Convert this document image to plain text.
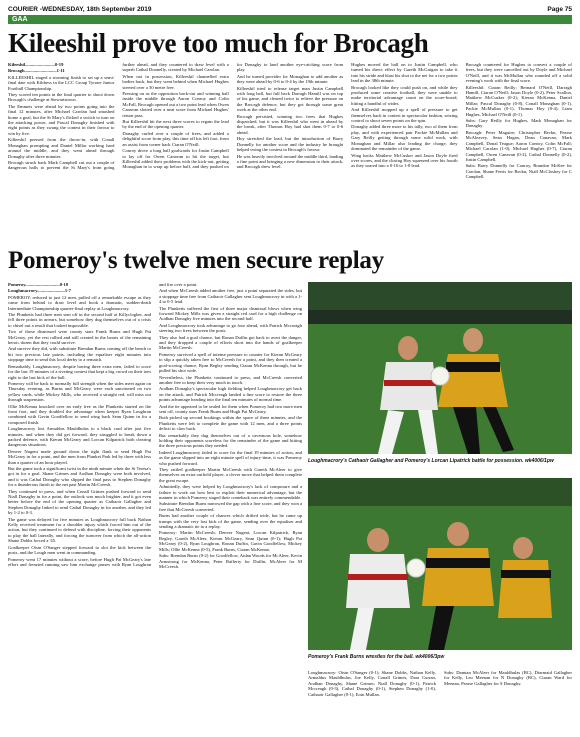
COURIER -WEDNESDAY, 18th September 2019	Page 75
GAA
Kileeshil prove too much for Brocagh

Kileeshil..........................0-19

Brocagh............................1-11

KILLEESHIL staged a storming finish to set up a semi-final date with Kildress in the LCC Group Tyrone Junior Football Championship.

They scored ten points in the final quarter to shoot down Brocagh's challenge at Stewartstown.

The Emmets were ahead by two points going into the final 12 minutes, after Michael Carolan had smashed home a goal, but the St Mary's flicked a switch to turn on the attacking power, and Pascal Donaghy finished with eight points as they swung the contest in their favour to win by five.

Killeeshil pressed from the throw-in, with Conall Monaghan prompting and Daniel Millar working hard around the middle, and they went ahead through Donaghy after three minutes.

Brocagh struck back Mark Campbell cut out a couple of dangerous balls to prevent the St Mary's from going further ahead, and they countered to draw level with a superb Cathal Donnelly, created by Michael Carolan.

When not in possession, Killeeshil channelled extra bodies back, but they went behind when Michael Hughes steered over a 30 metre free.

Pressing on as the opposition back-out and winning ball inside the middle through Aaron Conroy and Colin McFall, Brocagh opened out a two point lead when Owen Canavan slotted over a neat score from Michael Hughes' return pass.

But Killeeshil hit the next three scores to regain the lead by the end of the opening quarter.

Donaghy curled over a couple of frees, and added a delightful score from play, this time off his left foot, from an assist from corner back Ciaran O'Neill.

Conroy drove a long ball goalwards for Justin Campbell to lay off for Owen Canavan to hit the target, but Killeeshil added their problems with the kick-out, getting Monaghan in to wrap up before half, and they pushed on for Donaghy to land another eye-catching score from play.

And he turned provider for Monaghan to add another as they went ahead by 0-6 to 0-4 by the 19th minute.

Killeeshil tried to release target man Justin Campbell with long ball, but full back Darragh Hamill was on top of his game, and cleared twice to relieve the pressure on the Brocagh defence, but they got through some great work at the other end.

Brocagh persisted, winning two frees that Hughes dispatched, but it was Killeeshil who went in ahead by the break, after Thomas Hoy had shot them 0-7 to 0-6 ahead.

Hoy stretched the lead, but the introduction of Barry Donnelly for another score and the industry he brought helped swing the contest in Brocagh's favour.

He was heavily involved around the middle third, landing a fine point and bringing a new dimension to their attack, and Brocagh drew level.

Hughes moved the ball on to Justin Campbell, who turned his direct effect by Gareth McGuigan to take it into his stride and blast his shot to the net for a two points lead in the 38th minute.

Brocagh looked like they could push on, and while they produced some creative football, they were unable to make territorial advantage count on the score-board, hitting a handful of wides.

And Killeeshil mopped up a spell of pressure to get themselves back in contest in spectacular fashion, seizing control to shoot seven points on the spin.

Donaghy added three more to his tally, two of them from play, and with experienced pair Packie McMullan and Gary Reilly getting through some solid work, with Monaghan and Millar also leading the charge, they dominated the remainder of the game.

Wing backs Matthew McCusker and Jason Doyle fired over scores, and the closing Hoy squeezed over his fourth as they soared into a 0-16 to 1-8 lead.

Brocagh countered for Hughes to convert a couple of frees, but they were cancelled out by Doyle and Michael O'Neill, and it was McMullan who rounded off a solid evening's work with the final score.

Killeeshil: Ciaran Reilly; Bernard O'Neill, Darragh Hamill, Ciaran O'Neill; Jason Doyle (0-2), Peter Scallon, Matthew McCusker (0-2); Kieran McKenna, Daniel Millar; Pascal Donaghy (0-8), Conall Monaghan (0-1), Packie McMullan (0-1), Thomas Hoy (0-4); Liam Hughes, Michael O'Neill (0-1).

Subs: Gary Reilly for Hughes, Mark Monaghan for Donaghy.

Brocagh: Peter Maguire; Christopher Beckn, Pearse McAleavey, Sean Hagan, Dean Canavan, Mark Campbell, Donal Teague; Aaron Conroy, Colin McFall; Michael Carolan (1-0), Michael Hughes (0-7), Ciaran Campbell, Owen Canavan (0-2), Cathal Donnelly (0-2), Justin Campbell.

Subs: Barry Donnelly for Conroy, Brandon McKee for Carolan, Shane Ferris for Beckn, Niall McCloskey for C Campbell.

Pomeroy's twelve men secure replay

Pomeroy..............................0-10

Loughmacrory........................1-7

POMEROY, reduced to just 12 men, pulled off a remarkable escape as they came from behind to draw level and book a dramatic, sudden-death Intermediate Championship quarter-final replay at Loughmacrory.

The Plunketts had three men sent off in the second half at Killyclogher, and fell three points in arrears, but somehow they dug themselves out of a crisis to chisel out a result that looked impossible.

Two of those dismissed were county stars Frank Burns and Hugh Pat McGeary, yet the rest rallied and still created in the hearts of the remaining heroic dozen that they could survive.

And survive they did, with substitute Brendan Burns coming off the bench to hit two precious late points, including the equaliser eight minutes into stoppage time to send this local derby to a rematch.

Remarkably, Loughmacrory, despite having three extra men, failed to score for the last 19 minutes of a riveting contest that kept a big crowd on their toes right to the last kick of the ball.

Pomeroy will be back to normally full strength when the sides meet again on Thursday evening, as Burns and McGeary were each sanctioned on two yellow cards, while Mickey Mills, who received a straight red, will miss out through suspension.

Ollie McKenna knocked over an early free as the Plunketts started on the front foot, and they doubled the advantage when keeper Ryan Loughran combined with Gavin Goodfellow to send wing back Sean Quinn in for a composed finish.

Loughmacrory lost Armaldus Mauldhulas to a black card after just five minutes, and when they did get forward, they struggled to break down a packed defence, with Kieran McGeary and Lorcan Kilpatrick both clearing dangerous situations.

Denver Nugent made ground down the right flank to send Hugh Pat McGeary in for a point, and the men from Plunket Park led by three with less than a quarter of an hour played.

But the game took a significant twist in the ninth minute when the St Teresa's got in for a goal. Shane Grimes and Aodhan Donaghy were both involved, and it was Cathal Donaghy who slipped the final pass to Stephen Donaghy for a thunderous finish to the net past Martin McCreesh.

They continued to press, and when Conall Grimes pushed forward to send Niall Donaghy in for a point, the outlook was much brighter, and it got even better before the end of the opening quarter as Cathaoir Gallagher and Stephen Donaghy linked to send Cathal Donaghy in for another, and they led by 1-2 to 0-3.

The game was delayed for five minutes as Loughmacrory full back Nathan Kelly received treatment for a shoulder injury which forced him out of the action, but they continued to defend with discipline, forcing their opponents to play the ball laterally, and forcing the turnover from which the all-action Shane Dobbs forced a '45.

Goalkeeper Oisin O'Sanger stepped forward to slot the kick between the posts, and the Lough men went in commanding.

Pomeroy went 17 minutes without a score, before Hugh Pat McGeary's late effort and frenzied running saw him exchange passes with Ryan Loughran and fire over a point.

And when McCreesh added another free, just a point separated the sides, but a stoppage time free from Cathaoir Gallagher sent Loughmacrory in with a 1-4 to 0-5 lead.

The Plunketts suffered the first of three major dismissal blows when wing forward Mickey Mills was given a straight red card for a high challenge on Aodhan Donaghy five minutes into the second half.

And Loughmacrory took advantage to go four ahead, with Patrick Mccreagh steering two frees between the posts.

They also had a goal chance, but Ronan Duffin got back to avert the danger, and they dropped a couple of efforts short into the hands of goalkeeper Martin McCreesh.

Pomeroy survived a spell of intense pressure to counter for Kieran McGeary to slip a quickly taken free to McCreesh for a point, and they then created a goal-scoring chance, Ryan Begley sending Ciaran McKenna through, but he pulled his shot wide.

Nevertheless, the Plunketts continued to press, and McCreesh converted another free to keep their very much in touch.

Aodhan Donaghy's spectacular high fielding helped Loughmacrory get back on the attack, and Patrick Mccreagh landed a fine score to restore the three points advantage heading into the final ten minutes of normal time.

And the tie appeared to be sealed for them when Pomeroy had two more men sent off, county stars Frank Burns and Hugh Pat McGeary.

Both picked up second bookings within the space of three minutes, and the Plunketts were left to complete the game with 12 men, and a three points deficit to claw back.

But remarkably they dug themselves out of a cavernous hole, somehow holding their opponents scoreless for the remainder of the game and hitting the three precious points they needed.

Indeed Loughmacrory failed to score for the final 19 minutes of action, and as the game slipped into an eight minute spell of injury-time, it was Pomeroy who pushed forward.

They rattled goalkeeper Martin McCreesh with Gareth McAleer to give themselves an extra outfield player, a clever move that helped them complete the great escape.

Admittedly, they were helped by Loughmacrory's lack of composure and a failure to work out how best to exploit their numerical advantage, but the manner in which Pomeroy staged their comeback was entirely commendable.

Substitute Brendan Burns narrowed the gap with a fine score, and they won a free that McCreesh converted.

Burns had another couple of chances which drifted wide, but he came up trumps with the very last kick of the game, sending over the equaliser and sending a dramatic tie to a replay.

Pomeroy: Martin McCreesh; Denver Nugent, Lorcan Kilpatrick, Ryan Begley, Gareth McAleer, Kieran McGeary, Sean Quinn (0-1); Hugh Pat McGeary (0-2), Ryan Loughran, Ronan Duffin, Gavin Goodfellow, Mickey Mills; Ollie McKenna (0-5), Frank Burns, Ciaran McKenna.

Subs: Brendan Burns (0-2) for Goodfellow, Aidan Woods for McAleer, Kevin Armstrong for McKenna, Peter Rafferty for Duffin, McAleer for M McCreesh.

Loughmacrory's Cathaoir Gallagher and Pomeroy's Lorcan Lipatrick battle for possession. wk4006/1pw
Pomeroy's Frank Burns wrestles for the ball. wk4006/3pw

Loughmacrory: Oisin O'Sanger (0-1); Shane Dobbs, Nathan Kelly, Armaldus Mauldhulas, Joe Kelly, Conall Grimes, Dara Curran, Aodhan Donaghy, Shane Grimes; Niall Donaghy (0-1), Patrick Mccreagh (0-3), Cathal Donaghy (0-1), Stephen Donaghy (1-0), Cathaoir Gallagher (0-1), Eoin Mullan.

Subs: Damian McAleer for Mauldhulas (BC), Diarmaid Gallagher for Kelly, Leo Meenan for N Donaghy (BC), Ciaran Ward for Meenan, Pearse Gallagher for S Donaghy.
